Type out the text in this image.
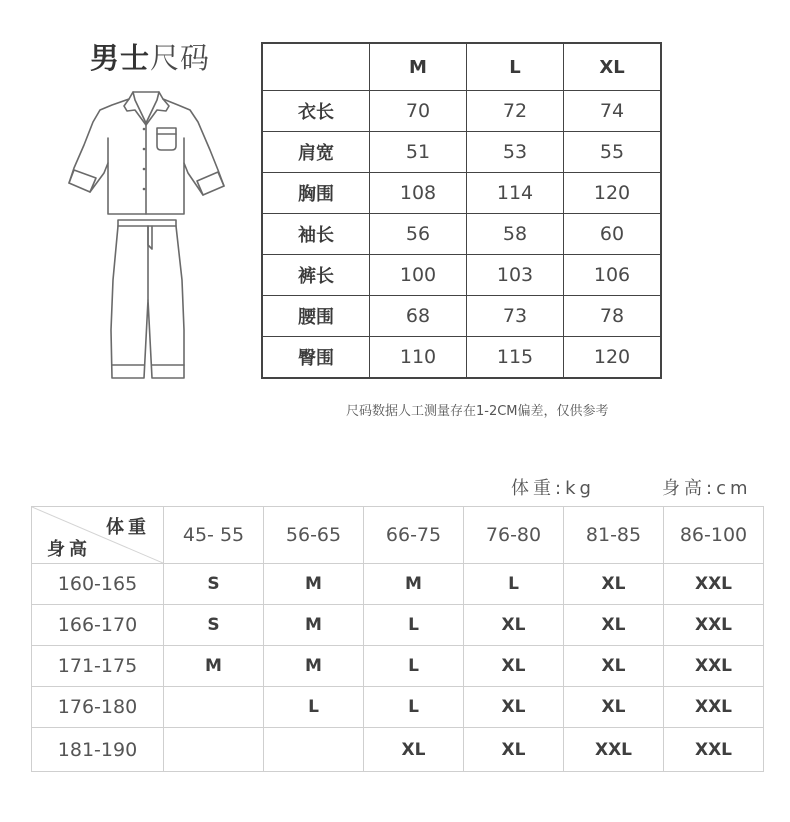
男士尺码
		M	L	XL
衣长	70	72	74
肩宽	51	53	55
胸围	108	114	120
袖长	56	58	60
裤长	100	103	106
腰围	68	73	78
臀围	110	115	120
尺码数据人工测量存在1-2CM偏差，仅供参考
体重:kg	身高:cm
体重
身高	45- 55	56-65	66-75	76-80	81-85	86-100
160-165	S	M	M	L	XL	XXL
166-170	S	M	L	XL	XL	XXL
171-175	M	M	L	XL	XL	XXL
176-180		L	L	XL	XL	XXL
181-190			XL	XL	XXL	XXL
